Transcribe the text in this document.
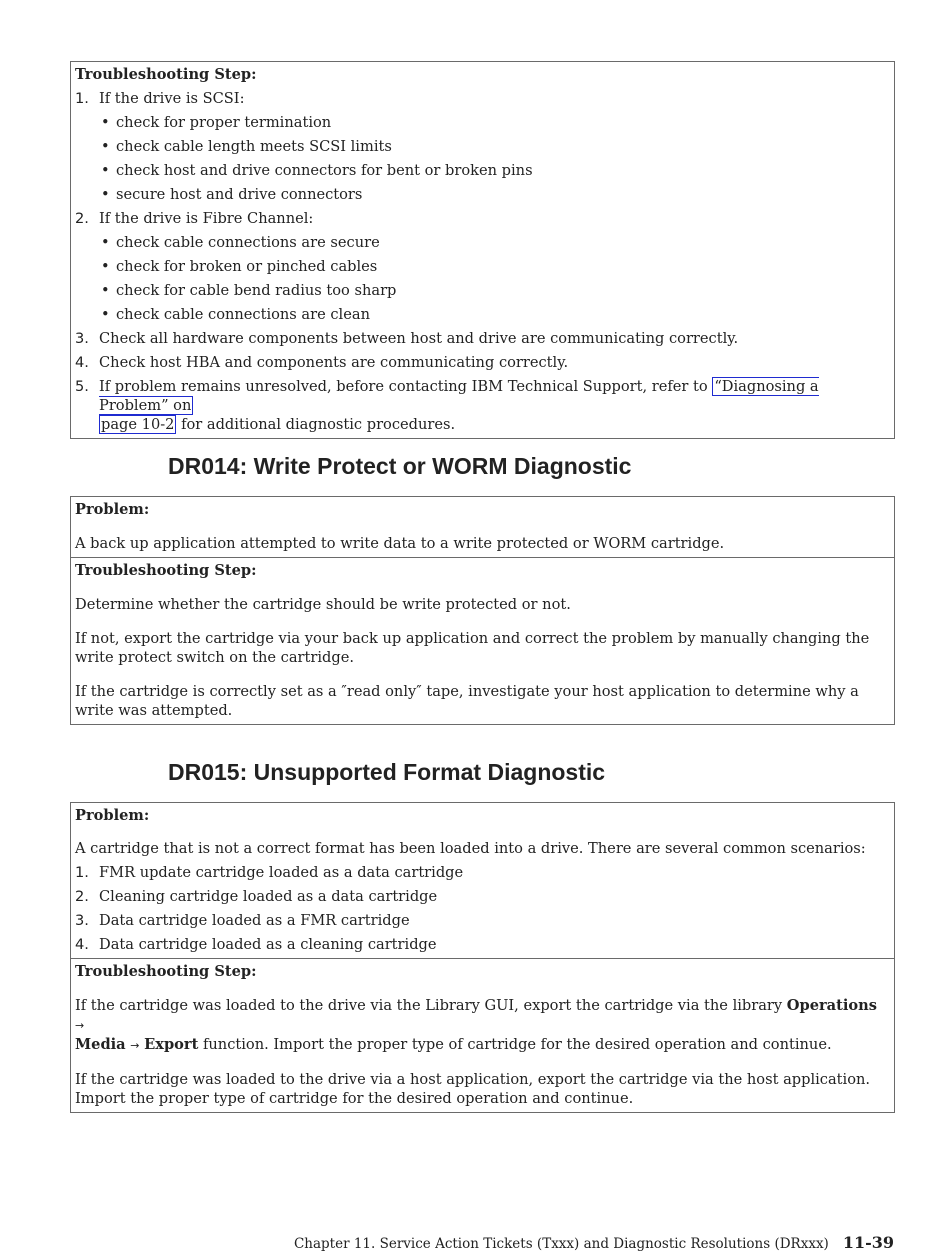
Troubleshooting Step:
1. If the drive is SCSI:
• check for proper termination
• check cable length meets SCSI limits
• check host and drive connectors for bent or broken pins
• secure host and drive connectors
2. If the drive is Fibre Channel:
• check cable connections are secure
• check for broken or pinched cables
• check for cable bend radius too sharp
• check cable connections are clean
3. Check all hardware components between host and drive are communicating correctly.
4. Check host HBA and components are communicating correctly.
5. If problem remains unresolved, before contacting IBM Technical Support, refer to “Diagnosing a Problem” on
page 10-2 for additional diagnostic procedures.
DR014: Write Protect or WORM Diagnostic
Problem:
A back up application attempted to write data to a write protected or WORM cartridge.
Troubleshooting Step:
Determine whether the cartridge should be write protected or not.
If not, export the cartridge via your back up application and correct the problem by manually changing the write protect switch on the cartridge.
If the cartridge is correctly set as a ″read only″ tape, investigate your host application to determine why a write was attempted.
DR015: Unsupported Format Diagnostic
Problem:
A cartridge that is not a correct format has been loaded into a drive. There are several common scenarios:
1. FMR update cartridge loaded as a data cartridge
2. Cleaning cartridge loaded as a data cartridge
3. Data cartridge loaded as a FMR cartridge
4. Data cartridge loaded as a cleaning cartridge
Troubleshooting Step:
If the cartridge was loaded to the drive via the Library GUI, export the cartridge via the library Operations →
Media → Export function. Import the proper type of cartridge for the desired operation and continue.
If the cartridge was loaded to the drive via a host application, export the cartridge via the host application. Import the proper type of cartridge for the desired operation and continue.
Chapter 11. Service Action Tickets (Txxx) and Diagnostic Resolutions (DRxxx) 11-39
